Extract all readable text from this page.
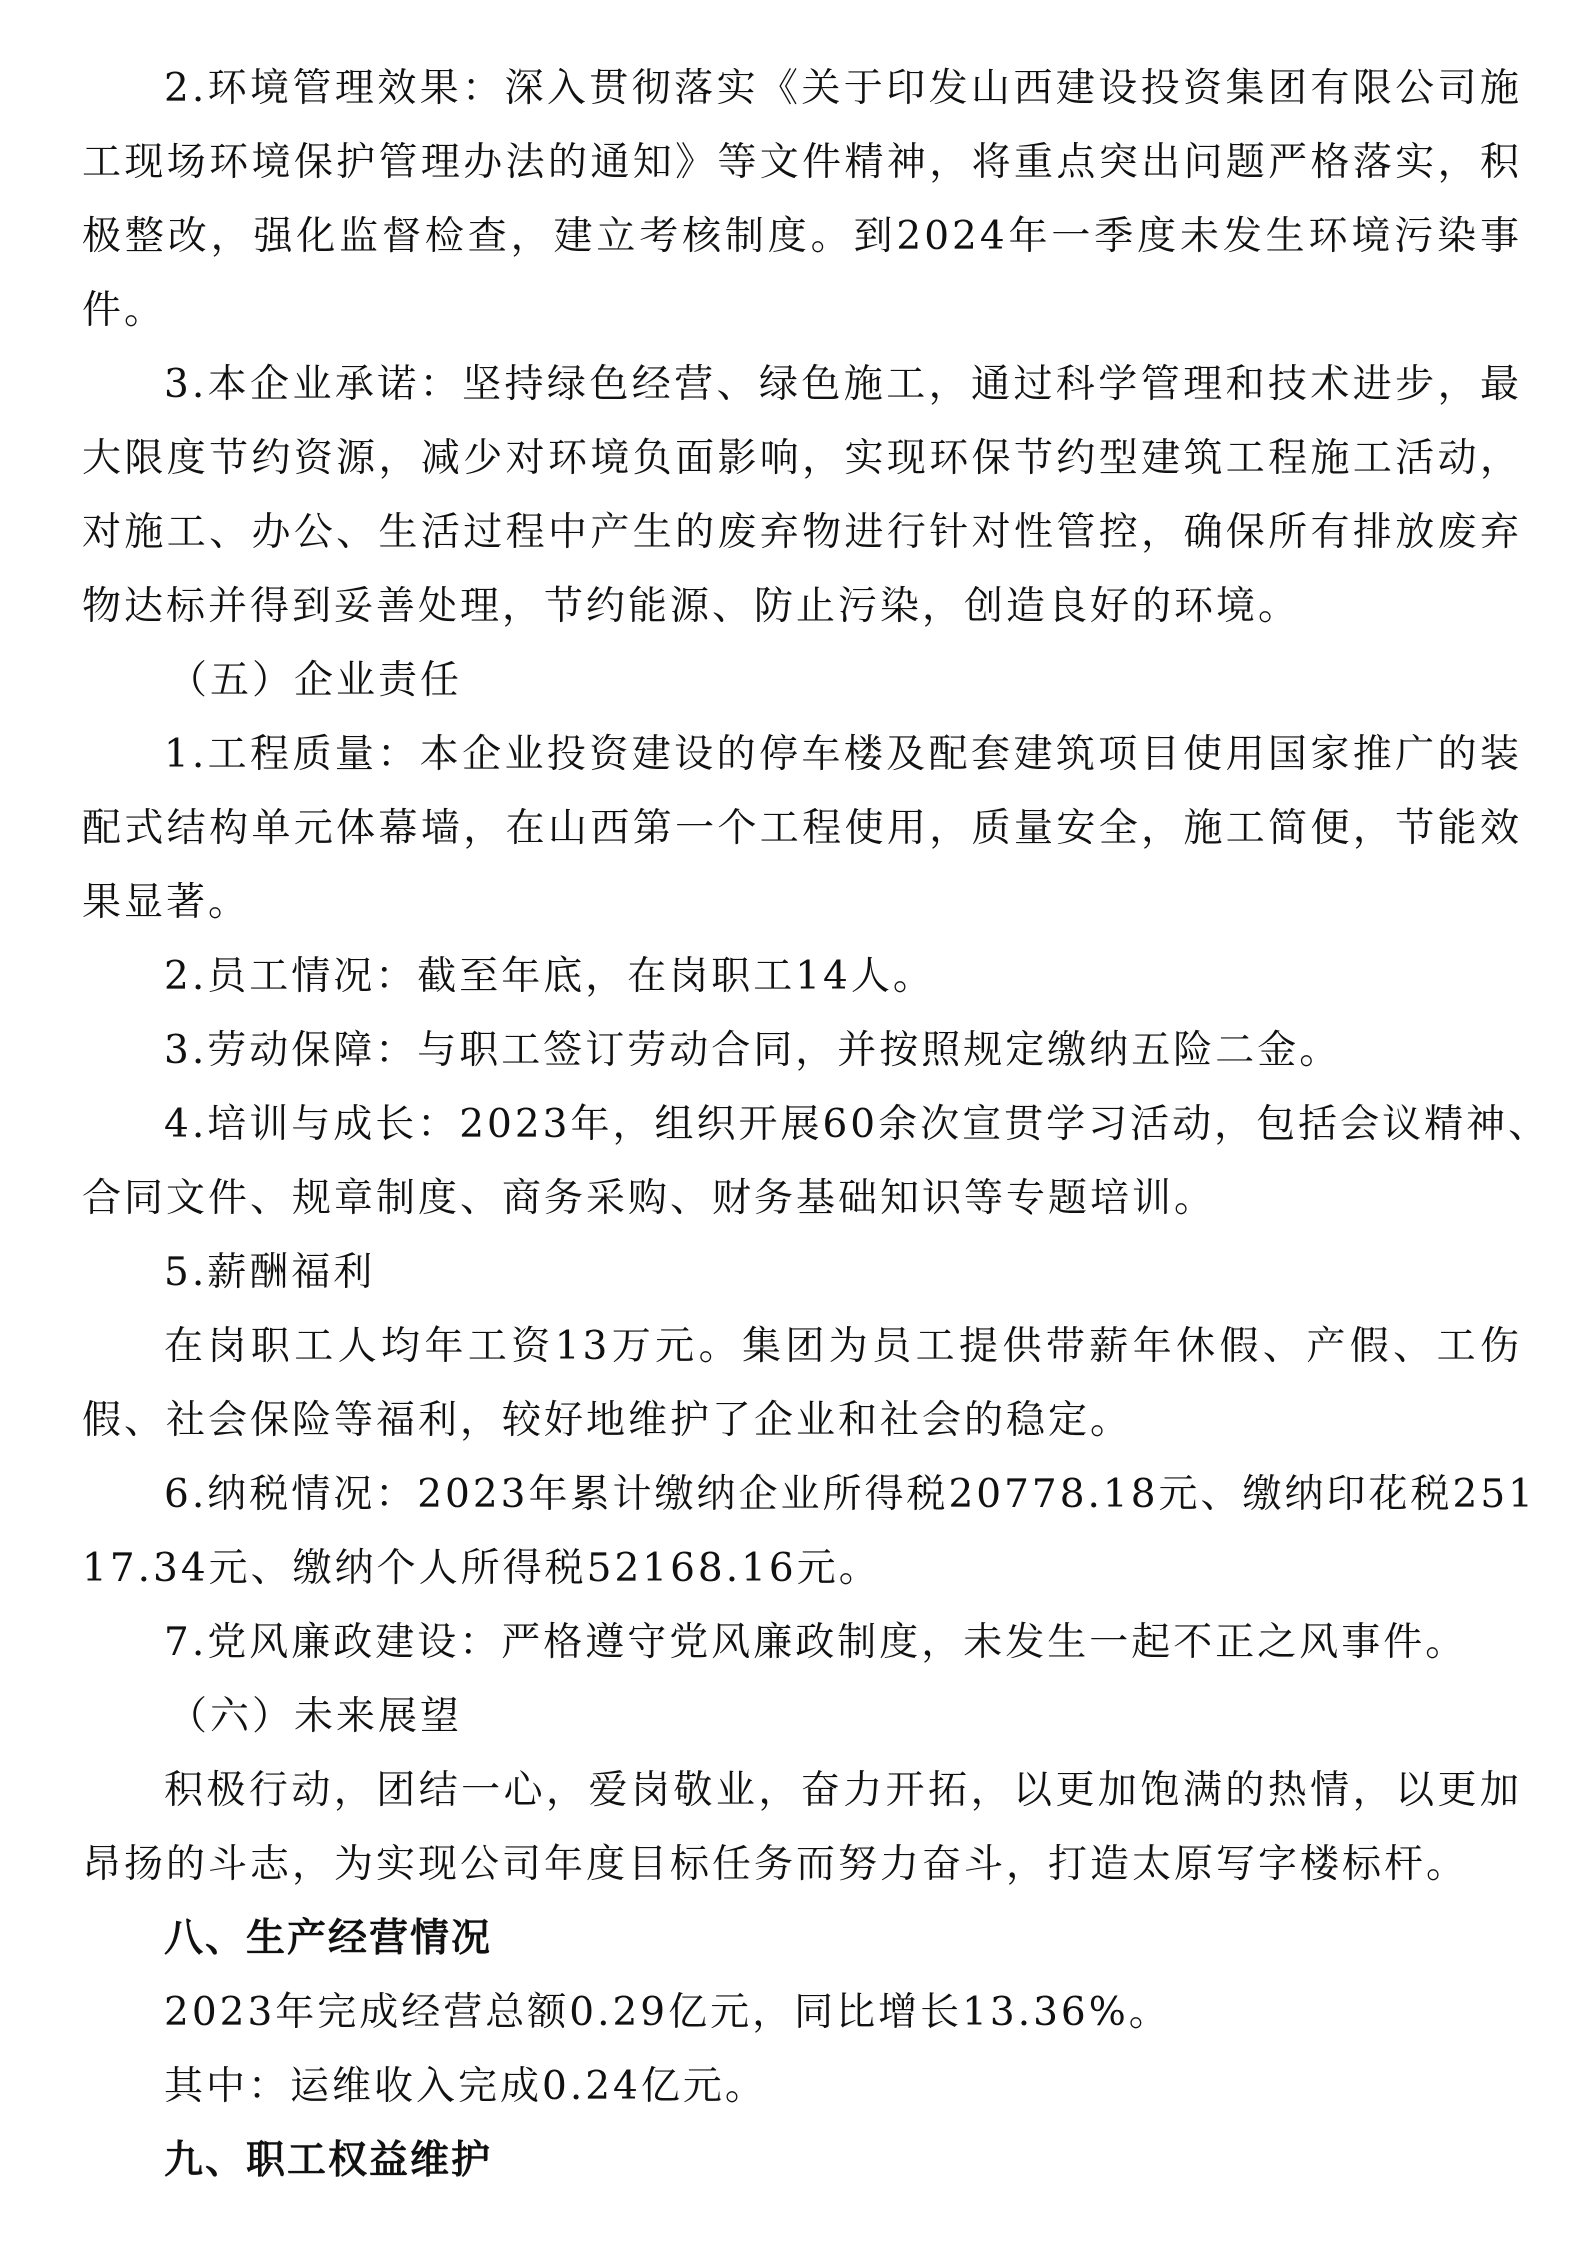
2.环境管理效果：深入贯彻落实《关于印发山西建设投资集团有限公司施
工现场环境保护管理办法的通知》等文件精神，将重点突出问题严格落实，积
极整改，强化监督检查，建立考核制度。到2024年一季度未发生环境污染事
件。
3.本企业承诺：坚持绿色经营、绿色施工，通过科学管理和技术进步，最
大限度节约资源，减少对环境负面影响，实现环保节约型建筑工程施工活动，
对施工、办公、生活过程中产生的废弃物进行针对性管控，确保所有排放废弃
物达标并得到妥善处理，节约能源、防止污染，创造良好的环境。
（五）企业责任
1.工程质量：本企业投资建设的停车楼及配套建筑项目使用国家推广的装
配式结构单元体幕墙，在山西第一个工程使用，质量安全，施工简便，节能效
果显著。
2.员工情况：截至年底，在岗职工14人。
3.劳动保障：与职工签订劳动合同，并按照规定缴纳五险二金。
4.培训与成长：2023年，组织开展60余次宣贯学习活动，包括会议精神、
合同文件、规章制度、商务采购、财务基础知识等专题培训。
5.薪酬福利
在岗职工人均年工资13万元。集团为员工提供带薪年休假、产假、工伤
假、社会保险等福利，较好地维护了企业和社会的稳定。
6.纳税情况：2023年累计缴纳企业所得税20778.18元、缴纳印花税251
17.34元、缴纳个人所得税52168.16元。
7.党风廉政建设：严格遵守党风廉政制度，未发生一起不正之风事件。
（六）未来展望
积极行动，团结一心，爱岗敬业，奋力开拓，以更加饱满的热情，以更加
昂扬的斗志，为实现公司年度目标任务而努力奋斗，打造太原写字楼标杆。
八、生产经营情况
2023年完成经营总额0.29亿元，同比增长13.36%。
其中：运维收入完成0.24亿元。
九、职工权益维护
